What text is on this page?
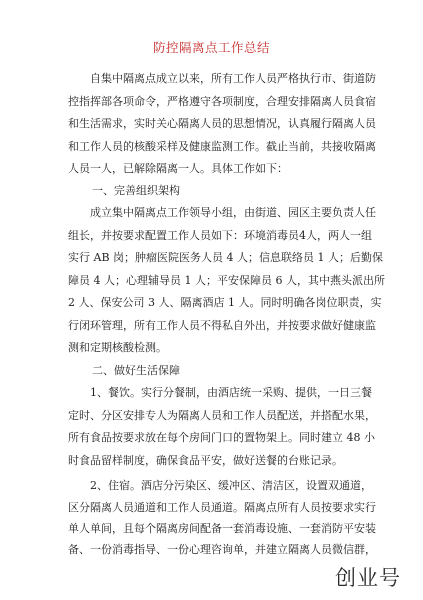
防控隔离点工作总结
自集中隔离点成立以来，所有工作人员严格执行市、街道防
控指挥部各项命令，严格遵守各项制度，合理安排隔离人员食宿
和生活需求，实时关心隔离人员的思想情况，认真履行隔离人员
和工作人员的核酸采样及健康监测工作。截止当前，共接收隔离
人员一人，已解除隔离一人。具体工作如下：
一、完善组织架构
成立集中隔离点工作领导小组，由街道、园区主要负责人任
组长，并按要求配置工作人员如下：环境消毒员4人，两人一组
实行 AB 岗；肿瘤医院医务人员 4 人；信息联络员 1 人；后勤保
障员 4 人；心理辅导员 1 人；平安保障员 6 人，其中燕头派出所
2 人、保安公司 3 人、隔离酒店 1 人。同时明确各岗位职责，实
行闭环管理，所有工作人员不得私自外出，并按要求做好健康监
测和定期核酸检测。
二、做好生活保障
1、餐饮。实行分餐制，由酒店统一采购、提供，一日三餐
定时、分区安排专人为隔离人员和工作人员配送，并搭配水果，
所有食品按要求放在每个房间门口的置物架上。同时建立 48 小
时食品留样制度，确保食品平安，做好送餐的台账记录。
2、住宿。酒店分污染区、缓冲区、清洁区，设置双通道，
区分隔离人员通道和工作人员通道。隔离点所有人员按要求实行
单人单间，且每个隔离房间配备一套消毒设施、一套消防平安装
备、一份消毒指导、一份心理咨询单，并建立隔离人员微信群，
创业号
